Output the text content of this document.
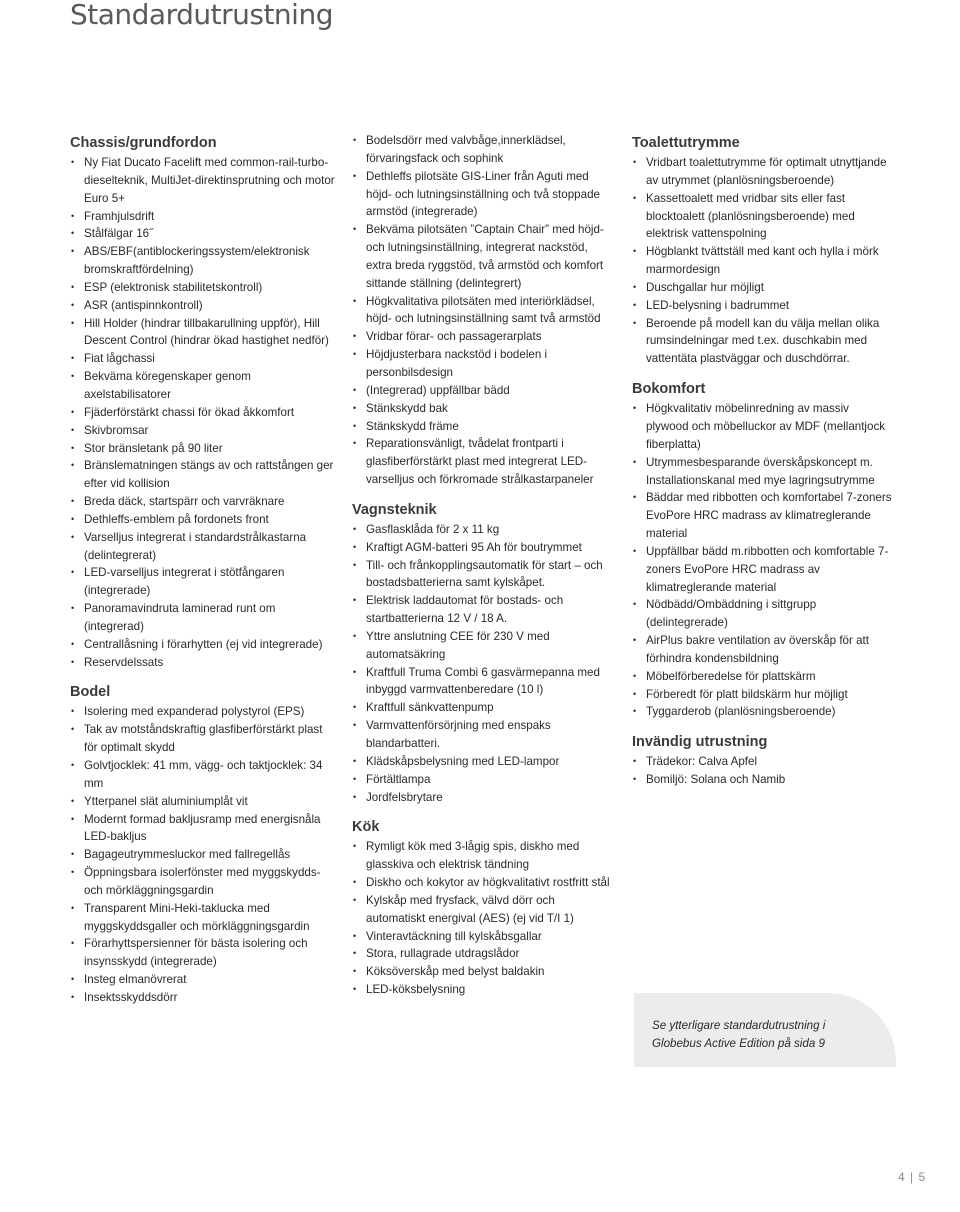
Standardutrustning
Chassis/grundfordon
• Ny Fiat Ducato Facelift med common-rail-turbo-dieselteknik, MultiJet-direktinsprutning och motor Euro 5+
• Framhjulsdrift
• Stålfälgar 16˝
• ABS/EBF(antiblockeringssystem/elektronisk bromskraftfördelning)
• ESP (elektronisk stabilitetskontroll)
• ASR (antispinnkontroll)
• Hill Holder (hindrar tillbakarullning uppför), Hill Descent Control (hindrar ökad hastighet nedför)
• Fiat lågchassi
• Bekväma köregenskaper genom axelstabilisatorer
• Fjäderförstärkt chassi för ökad åkkomfort
• Skivbromsar
• Stor bränsletank på 90 liter
• Bränslematningen stängs av och rattstången ger efter vid kollision
• Breda däck, startspärr och varvräknare
• Dethleffs-emblem på fordonets front
• Varselljus integrerat i standardstrålkastarna (delintegrerat)
• LED-varselljus integrerat i stötfångaren (integrerade)
• Panoramavindruta laminerad runt om (integrerad)
• Centrallåsning i förarhytten (ej vid integrerade)
• Reservdelssats
Bodel
• Isolering med expanderad polystyrol (EPS)
• Tak av motståndskraftig glasfiberförstärkt plast för optimalt skydd
• Golvtjocklek: 41 mm, vägg- och taktjocklek: 34 mm
• Ytterpanel slät aluminiumplåt vit
• Modernt formad bakljusramp med energisnåla LED-bakljus
• Bagageutrymmesluckor med fallregellås
• Öppningsbara isolerfönster med myggskydds- och mörkläggningsgardin
• Transparent Mini-Heki-taklucka med myggskyddsgaller och mörkläggningsgardin
• Förarhyttspersienner för bästa isolering och insynsskydd (integrerade)
• Insteg elmanövrerat
• Insektsskyddsdörr
• Bodelsdörr med valvbåge,innerklädsel, förvaringsfack och sophink
• Dethleffs pilotsäte GIS-Liner från Aguti med höjd- och lutningsinställning och två stoppade armstöd (integrerade)
• Bekväma pilotsäten ”Captain Chair” med höjd- och lutningsinställning, integrerat nackstöd, extra breda ryggstöd, två armstöd och komfort sittande ställning (delintegrert)
• Högkvalitativa pilotsäten med interiörklädsel, höjd- och lutningsinställning samt två armstöd
• Vridbar förar- och passagerarplats
• Höjdjusterbara nackstöd i bodelen i personbilsdesign
• (Integrerad) uppfällbar bädd
• Stänkskydd bak
• Stänkskydd främe
• Reparationsvänligt, tvådelat frontparti i glasfiberförstärkt plast med integrerat LED-varselljus och förkromade strålkastarpaneler
Vagnsteknik
• Gasflasklåda för 2 x 11 kg
• Kraftigt AGM-batteri 95 Ah för boutrymmet
• Till- och frånkopplingsautomatik för start – och bostadsbatterierna samt kylskåpet.
• Elektrisk laddautomat för bostads- och startbatterierna 12 V / 18 A.
• Yttre anslutning CEE för 230 V med automatsäkring
• Kraftfull Truma Combi 6 gasvärmepanna med inbyggd varmvattenberedare (10 l)
• Kraftfull sänkvattenpump
• Varmvattenförsörjning med enspaks blandarbatteri.
• Klädskåpsbelysning med LED-lampor
• Förtältlampa
• Jordfelsbrytare
Kök
• Rymligt kök med 3-lågig spis, diskho med glasskiva och elektrisk tändning
• Diskho och kokytor av högkvalitativt rostfritt stål
• Kylskåp med frysfack, välvd dörr och automatiskt energival (AES) (ej vid T/I 1)
• Vinteravtäckning till kylskåbsgallar
• Stora, rullagrade utdragslådor
• Köksöverskåp med belyst baldakin
• LED-köksbelysning
Toalettutrymme
• Vridbart toalettutrymme för optimalt utnyttjande av utrymmet (planlösningsberoende)
• Kassettoalett med vridbar sits eller fast blocktoalett (planlösningsberoende) med elektrisk vattenspolning
• Högblankt tvättställ med kant och hylla i mörk marmordesign
• Duschgallar hur möjligt
• LED-belysning i badrummet
• Beroende på modell kan du välja mellan olika rumsindelningar med t.ex. duschkabin med vattentäta plastväggar och duschdörrar.
Bokomfort
• Högkvalitativ möbelinredning av massiv plywood och möbelluckor av MDF (mellantjock fiberplatta)
• Utrymmesbesparande överskåpskoncept m. Installationskanal med mye lagringsutrymme
• Bäddar med ribbotten och komfortabel 7-zoners EvoPore HRC madrass av klimatreglerande material
• Uppfällbar bädd m.ribbotten och komfortable 7-zoners EvoPore HRC madrass av klimatreglerande material
• Nödbädd/Ombäddning i sittgrupp (delintegrerade)
• AirPlus bakre ventilation av överskåp för att förhindra kondensbildning
• Möbelförberedelse för plattskärm
• Förberedt för platt bildskärm hur möjligt
• Tyggarderob (planlösningsberoende)
Invändig utrustning
• Trädekor: Calva Apfel
• Bomiljö: Solana och Namib
Se ytterligare standardutrustning i Globebus Active Edition på sida 9
4 | 5
